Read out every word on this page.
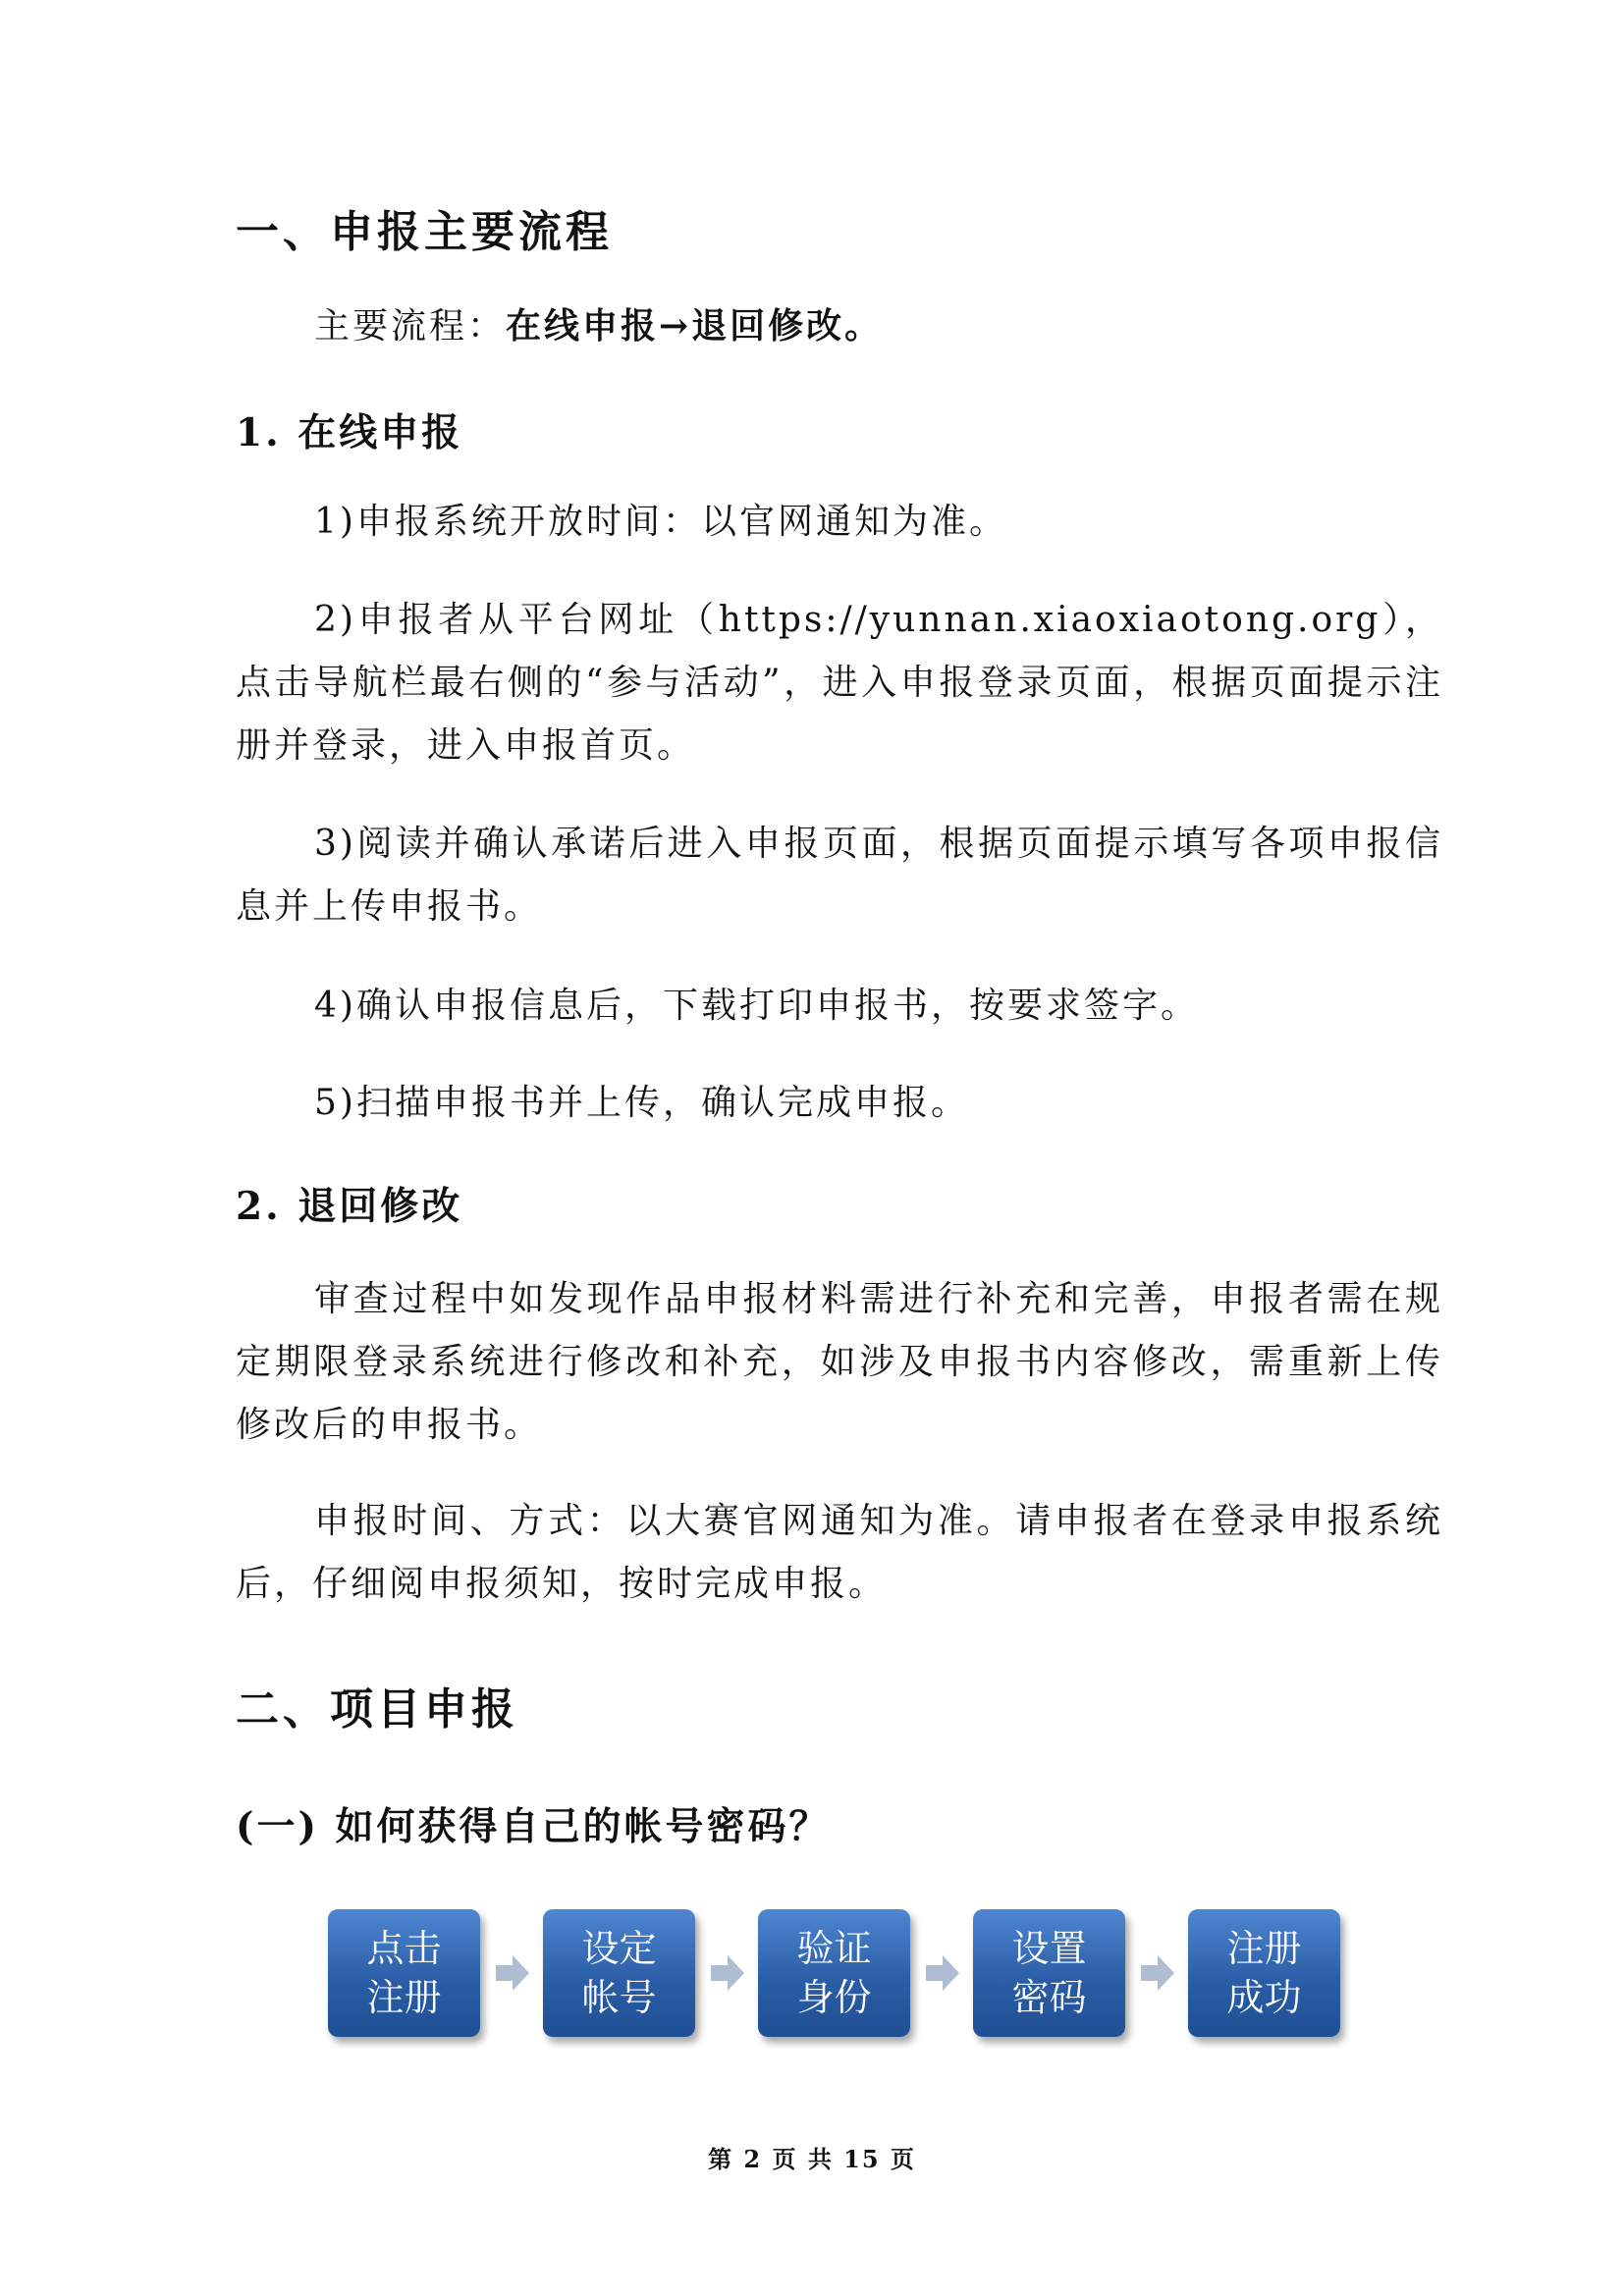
一、申报主要流程
主要流程：在线申报→退回修改。
1. 在线申报
1)申报系统开放时间：以官网通知为准。
2)申报者从平台网址（https://yunnan.xiaoxiaotong.org），点击导航栏最右侧的“参与活动”，进入申报登录页面，根据页面提示注册并登录，进入申报首页。
3)阅读并确认承诺后进入申报页面，根据页面提示填写各项申报信息并上传申报书。
4)确认申报信息后，下载打印申报书，按要求签字。
5)扫描申报书并上传，确认完成申报。
2. 退回修改
审查过程中如发现作品申报材料需进行补充和完善，申报者需在规定期限登录系统进行修改和补充，如涉及申报书内容修改，需重新上传修改后的申报书。
申报时间、方式：以大赛官网通知为准。请申报者在登录申报系统后，仔细阅申报须知，按时完成申报。
二、项目申报
(一) 如何获得自己的帐号密码？
点击
注册
设定
帐号
验证
身份
设置
密码
注册
成功
第 2 页 共 15 页
